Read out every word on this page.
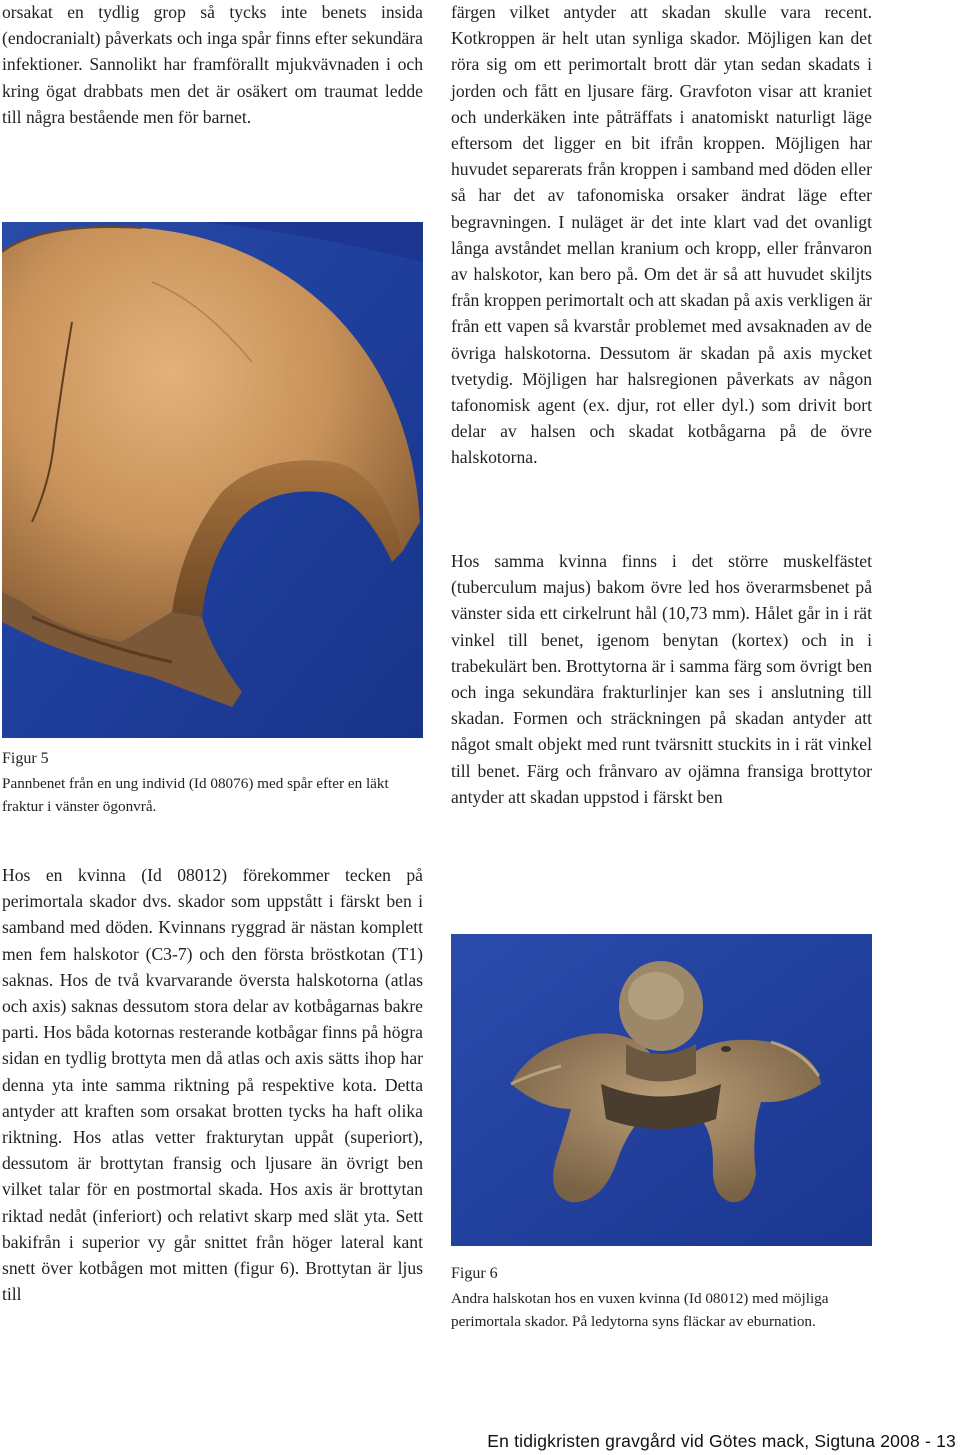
orsakat en tydlig grop så tycks inte benets insida (endocranialt) påverkats och inga spår finns efter sekundära infektioner. Sannolikt har framförallt mjukvävnaden i och kring ögat drabbats men det är osäkert om traumat ledde till några bestående men för barnet.

Figur 5

Pannbenet från en ung individ (Id 08076) med spår efter en läkt fraktur i vänster ögonvrå.

Hos en kvinna (Id 08012) förekommer tecken på perimortala skador dvs. skador som uppstått i färskt ben i samband med döden. Kvinnans ryggrad är nästan komplett men fem halskotor (C3-7) och den första bröstkotan (T1) saknas. Hos de två kvarvarande översta halskotorna (atlas och axis) saknas dessutom stora delar av kotbågarnas bakre parti. Hos båda kotornas resterande kotbågar finns på högra sidan en tydlig brottyta men då atlas och axis sätts ihop har denna yta inte samma riktning på respektive kota. Detta antyder att kraften som orsakat brotten tycks ha haft olika riktning. Hos atlas vetter frakturytan uppåt (superiort), dessutom är brottytan fransig och ljusare än övrigt ben vilket talar för en postmortal skada. Hos axis är brottytan riktad nedåt (inferiort) och relativt skarp med slät yta. Sett bakifrån i superior vy går snittet från höger lateral kant snett över kotbågen mot mitten (figur 6). Brottytan är ljus till

färgen vilket antyder att skadan skulle vara recent. Kotkroppen är helt utan synliga skador. Möjligen kan det röra sig om ett perimortalt brott där ytan sedan skadats i jorden och fått en ljusare färg. Gravfoton visar att kraniet och underkäken inte påträffats i anatomiskt naturligt läge eftersom det ligger en bit ifrån kroppen. Möjligen har huvudet separerats från kroppen i samband med döden eller så har det av tafonomiska orsaker ändrat läge efter begravningen. I nuläget är det inte klart vad det ovanligt långa avståndet mellan kranium och kropp, eller frånvaron av halskotor, kan bero på. Om det är så att huvudet skiljts från kroppen perimortalt och att skadan på axis verkligen är från ett vapen så kvarstår problemet med avsaknaden av de övriga halskotorna. Dessutom är skadan på axis mycket tvetydig. Möjligen har halsregionen påverkats av någon tafonomisk agent (ex. djur, rot eller dyl.) som drivit bort delar av halsen och skadat kotbågarna på de övre halskotorna.

Hos samma kvinna finns i det större muskelfästet (tuberculum majus) bakom övre led hos överarmsbenet på vänster sida ett cirkelrunt hål (10,73 mm). Hålet går in i rät vinkel till benet, igenom benytan (kortex) och in i trabekulärt ben. Brottytorna är i samma färg som övrigt ben och inga sekundära frakturlinjer kan ses i anslutning till skadan. Formen och sträckningen på skadan antyder att något smalt objekt med runt tvärsnitt stuckits in i rät vinkel till benet. Färg och frånvaro av ojämna fransiga brottytor antyder att skadan uppstod i färskt ben

Figur 6

Andra halskotan hos en vuxen kvinna (Id 08012) med möjliga perimortala skador. På ledytorna syns fläckar av eburnation.

En tidigkristen gravgård vid Götes mack, Sigtuna 2008 - 13
